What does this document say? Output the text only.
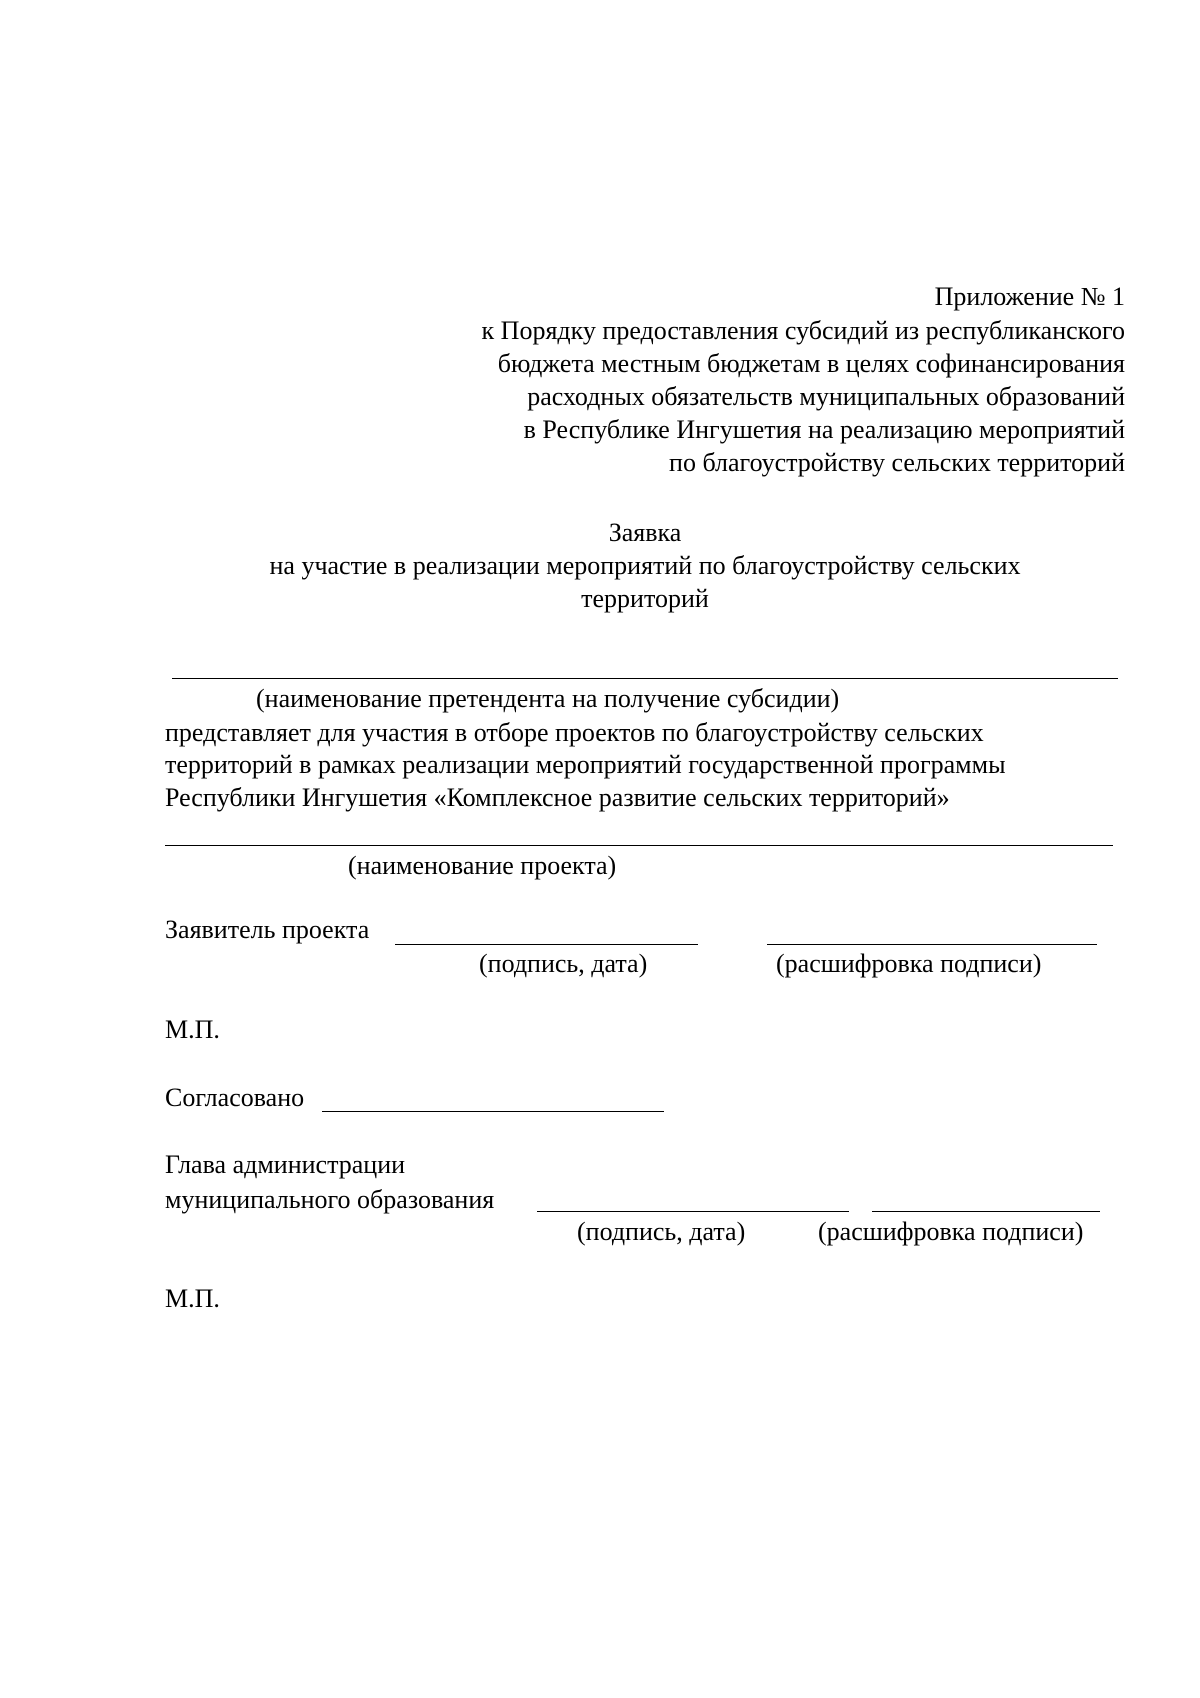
Приложение № 1
к Порядку предоставления субсидий из республиканского
бюджета местным бюджетам в целях софинансирования
расходных обязательств муниципальных образований
в Республике Ингушетия на реализацию мероприятий
по благоустройству сельских территорий
Заявка
на участие в реализации мероприятий по благоустройству сельских
территорий
(наименование претендента на получение субсидии)
представляет для участия в отборе проектов по благоустройству сельских
территорий в рамках реализации мероприятий государственной программы
Республики Ингушетия «Комплексное развитие сельских территорий»
(наименование проекта)
Заявитель проекта
(подпись, дата)	(расшифровка подписи)
М.П.
Согласовано
Глава администрации
муниципального образования
(подпись, дата)	(расшифровка подписи)
М.П.
